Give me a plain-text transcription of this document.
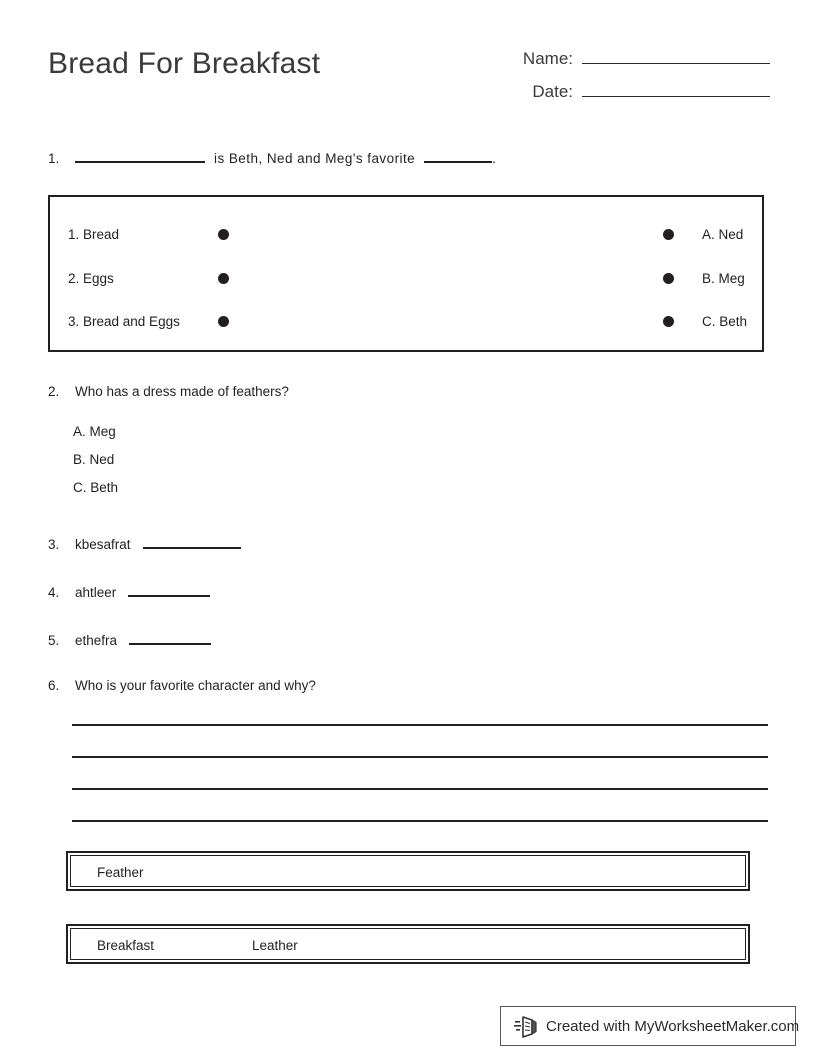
Bread For Breakfast	Name:
Date:
1.	is Beth, Ned and Meg's favorite	.
1. Bread	A. Ned
2. Eggs	B. Meg
3. Bread and Eggs	C. Beth
2. Who has a dress made of feathers?
A. Meg
B. Ned
C. Beth
3.	kbesafrat
4.	ahtleer
5.	ethefra
6. Who is your favorite character and why?
Feather
Breakfast	Leather
Created with MyWorksheetMaker.com
